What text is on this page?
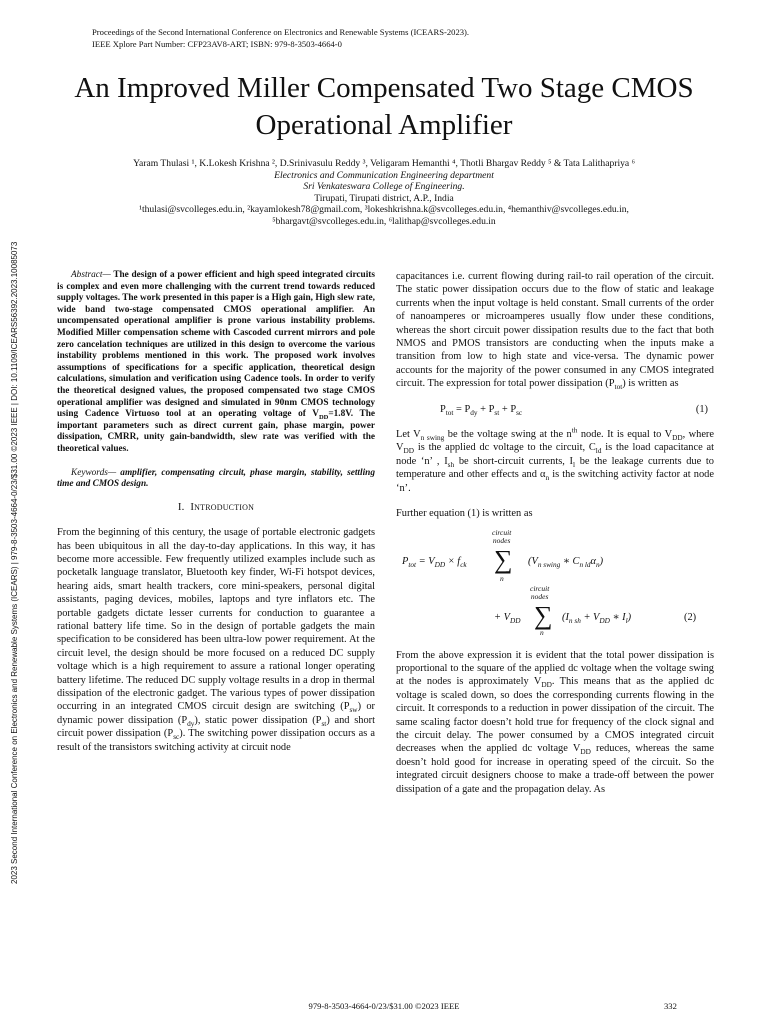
Proceedings of the Second International Conference on Electronics and Renewable Systems (ICEARS-2023).
IEEE Xplore Part Number: CFP23AV8-ART; ISBN: 979-8-3503-4664-0
2023 Second International Conference on Electronics and Renewable Systems (ICEARS) | 979-8-3503-4664-0/23/$31.00 ©2023 IEEE | DOI: 10.1109/ICEARS56392.2023.10085073
An Improved Miller Compensated Two Stage CMOS
Operational Amplifier
Yaram Thulasi ¹, K.Lokesh Krishna ², D.Srinivasulu Reddy ³, Veligaram Hemanthi ⁴, Thotli Bhargav Reddy ⁵ & Tata Lalithapriya ⁶
Electronics and Communication Engineering department
Sri Venkateswara College of Engineering.
Tirupati, Tirupati district, A.P., India
¹thulasi@svcolleges.edu.in, ²kayamlokesh78@gmail.com, ³lokeshkrishna.k@svcolleges.edu.in, ⁴hemanthiv@svcolleges.edu.in,
⁵bhargavt@svcolleges.edu.in, ⁶lalithap@svcolleges.edu.in

Abstract— The design of a power efficient and high speed integrated circuits is complex and even more challenging with the current trend towards reduced supply voltages. The work presented in this paper is a High gain, High slew rate, wide band two-stage compensated CMOS operational amplifier. An uncompensated operational amplifier is prone various instability problems. Modified Miller compensation scheme with Cascoded current mirrors and pole zero cancelation techniques are utilized in this design to overcome the various instability problems mentioned in this work. The proposed work involves assumptions of specifications for a specific application, theoretical design calculations, simulation and verification using Cadence tools. In order to verify the theoretical designed values, the proposed compensated two stage CMOS operational amplifier was designed and simulated in 90nm CMOS technology using Cadence Virtuoso tool at an operating voltage of $V_{DD}=1.8V$. The important parameters such as direct current gain, phase margin, power dissipation, CMRR, unity gain-bandwidth, slew rate was verified with the theoretical values.

Keywords— amplifier, compensating circuit, phase margin, stability, settling time and CMOS design.

I. Introduction

From the beginning of this century, the usage of portable electronic gadgets has been ubiquitous in all the day-to-day applications. In this way, it has become more accessible. Few frequently utilized examples include such as pocketalk language translator, Bluetooth key finder, Wi-Fi hotspot devices, hearing aids, smart health trackers, core mini-speakers, personal digital assistants, paging devices, mobiles, laptops and tyre inflators etc. The portable gadgets dictate lesser currents for conduction to guarantee a rational battery life time. So in the design of portable gadgets the main specification to be considered has been ultra-low power requirement. At the circuit level, the design should be more focused on a reduced DC supply voltage which is a high requirement to assure a rational longer operating battery lifetime. The reduced DC supply voltage results in a drop in thermal dissipation of the electronic gadget. The various types of power dissipation occurring in an integrated CMOS circuit design are switching $(P_{sw})$ or dynamic power dissipation $(P_{dy})$, static power dissipation $(P_{st})$ and short circuit power dissipation $(P_{sc})$. The switching power dissipation occurs as a result of the transistors switching activity at circuit node

capacitances i.e. current flowing during rail-to rail operation of the circuit. The static power dissipation occurs due to the flow of static and leakage currents when the input voltage is held constant. Small currents of the order of nanoamperes or microamperes usually flow under these conditions, whereas the short circuit power dissipation results due to the fact that both NMOS and PMOS transistors are conducting when the inputs make a transition from low to high state and vice-versa. The dynamic power accounts for the majority of the power consumed in any CMOS integrated circuit. The expression for total power dissipation $(P_{tot})$ is written as

$P_{tot} = P_{dy} + P_{st} + P_{sc}$	(1)

Let $V_{n swing}$ be the voltage swing at the $n^{th}$ node. It is equal to $V_{DD}$, where $V_{DD}$ is the applied dc voltage to the circuit, $C_{ld}$ is the load capacitance at node ‘n’ , $I_{sh}$ be short-circuit currents, $I_l$ be the leakage currents due to temperature and other effects and $\alpha_n$ is the switching activity factor at node ‘n’.

Further equation (1) is written as

circuit
nodes
$P_{tot} = V_{DD} \times f_{ck}$ ∑
n
($V_{n swing}$ ∗ $C_{n ld}\alpha_n$)
circuit
nodes
+ $V_{DD}$ ∑
n
($I_{n sh} + V_{DD}$ ∗ $I_l$)	(2)

From the above expression it is evident that the total power dissipation is proportional to the square of the applied dc voltage when the voltage swing at the nodes is approximately $V_{DD}$. This means that as the applied dc voltage is scaled down, so does the corresponding currents flowing in the circuit. It corresponds to a reduction in power dissipation of the circuit. The same scaling factor doesn’t hold true for frequency of the clock signal and the circuit delay. The power consumed by a CMOS integrated circuit decreases when the applied dc voltage $V_{DD}$ reduces, whereas the same doesn’t hold good for increase in operating speed of the circuit. So the integrated circuit designers choose to make a trade-off between the power dissipation of a gate and the propagation delay. As

979-8-3503-4664-0/23/$31.00 ©2023 IEEE	332
